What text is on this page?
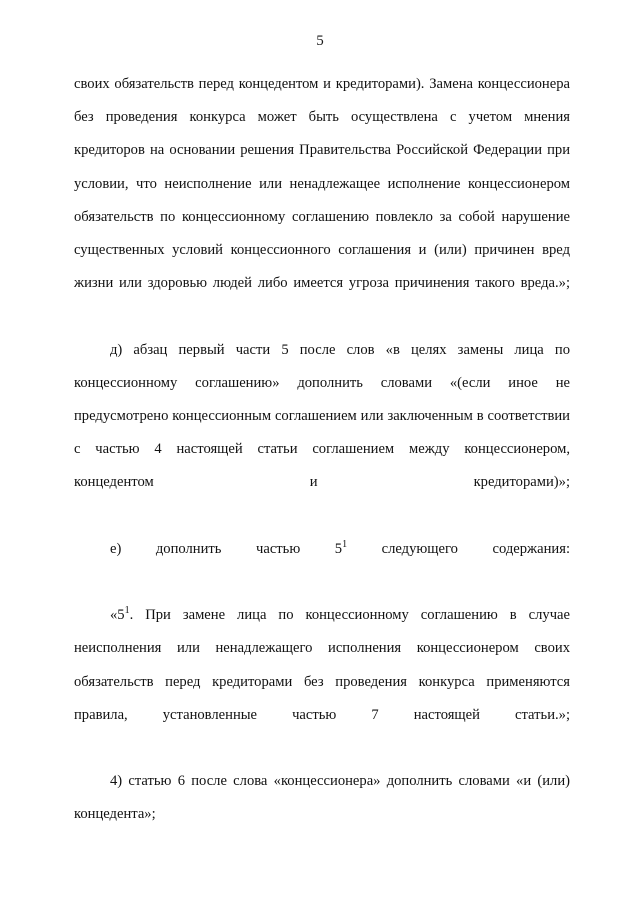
5

своих обязательств перед концедентом и кредиторами). Замена концессионера без проведения конкурса может быть осуществлена с учетом мнения кредиторов на основании решения Правительства Российской Федерации при условии, что неисполнение или ненадлежащее исполнение концессионером обязательств по концессионному соглашению повлекло за собой нарушение существенных условий концессионного соглашения и (или) причинен вред жизни или здоровью людей либо имеется угроза причинения такого вреда.»;

д) абзац первый части 5 после слов «в целях замены лица по концессионному соглашению» дополнить словами «(если иное не предусмотрено концессионным соглашением или заключенным в соответствии с частью 4 настоящей статьи соглашением между концессионером, концедентом и кредиторами)»;

е) дополнить частью $5^1$ следующего содержания:

«$5^1$. При замене лица по концессионному соглашению в случае неисполнения или ненадлежащего исполнения концессионером своих обязательств перед кредиторами без проведения конкурса применяются правила, установленные частью 7 настоящей статьи.»;

4) статью 6 после слова «концессионера» дополнить словами «и (или) концедента»;
